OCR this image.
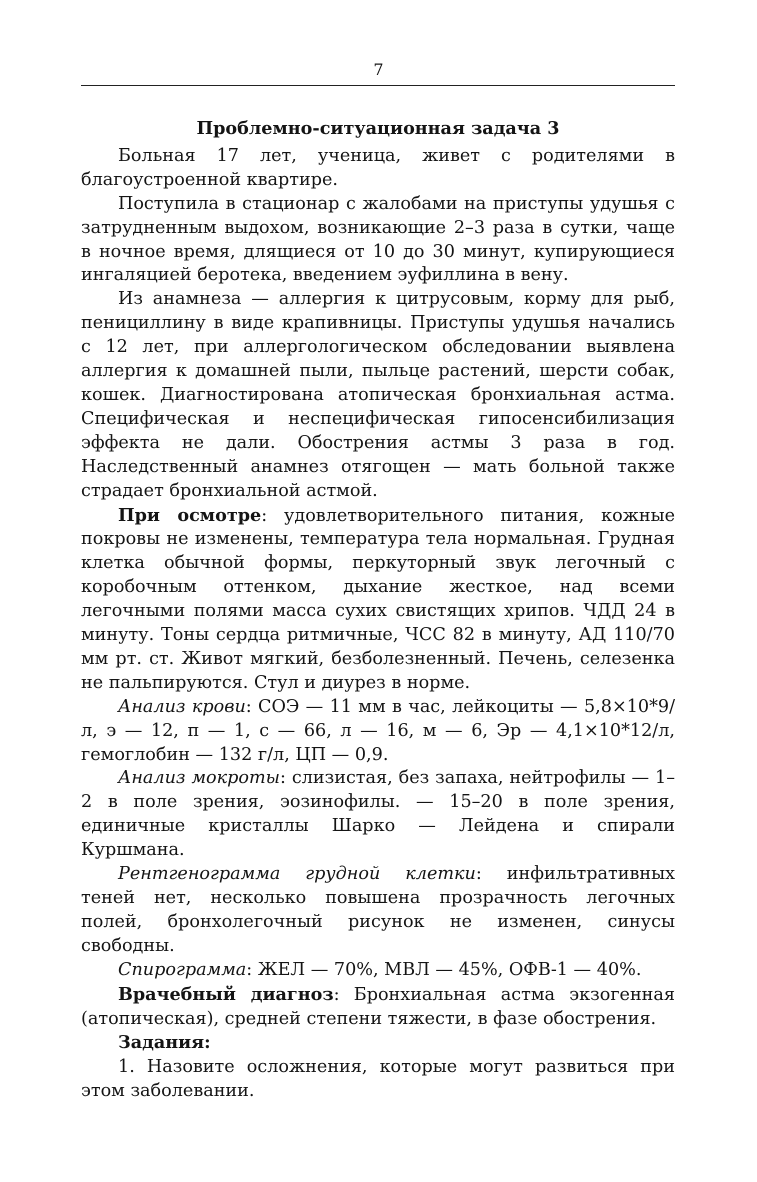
7
Проблемно-ситуационная задача 3

Больная 17 лет, ученица, живет с родителями в благоустроенной квартире.

Поступила в стационар с жалобами на приступы удушья с затрудненным выдохом, возникающие 2–3 раза в сутки, чаще в ночное время, длящиеся от 10 до 30 минут, купирующиеся ингаляцией беротека, введением эуфиллина в вену.

Из анамнеза — аллергия к цитрусовым, корму для рыб, пенициллину в виде крапивницы. Приступы удушья начались с 12 лет, при аллергологическом обследовании выявлена аллергия к домашней пыли, пыльце растений, шерсти собак, кошек. Диагностирована атопическая бронхиальная астма. Специфическая и неспецифическая гипосенсибилизация эффекта не дали. Обострения астмы 3 раза в год. Наследственный анамнез отягощен — мать больной также страдает бронхиальной астмой.

При осмотре: удовлетворительного питания, кожные покровы не изменены, температура тела нормальная. Грудная клетка обычной формы, перкуторный звук легочный с коробочным оттенком, дыхание жесткое, над всеми легочными полями масса сухих свистящих хрипов. ЧДД 24 в минуту. Тоны сердца ритмичные, ЧСС 82 в минуту, АД 110/70 мм рт. ст. Живот мягкий, безболезненный. Печень, селезенка не пальпируются. Стул и диурез в норме.

Анализ крови: СОЭ — 11 мм в час, лейкоциты — 5,8×10*9/л, э — 12, п — 1, с — 66, л — 16, м — 6, Эр — 4,1×10*12/л, гемоглобин — 132 г/л, ЦП — 0,9.

Анализ мокроты: слизистая, без запаха, нейтрофилы — 1–2 в поле зрения, эозинофилы. — 15–20 в поле зрения, единичные кристаллы Шарко — Лейдена и спирали Куршмана.

Рентгенограмма грудной клетки: инфильтративных теней нет, несколько повышена прозрачность легочных полей, бронхолегочный рисунок не изменен, синусы свободны.

Спирограмма: ЖЕЛ — 70%, МВЛ — 45%, ОФВ-1 — 40%.

Врачебный диагноз: Бронхиальная астма экзогенная (атопическая), средней степени тяжести, в фазе обострения.

Задания:

1. Назовите осложнения, которые могут развиться при этом заболевании.
